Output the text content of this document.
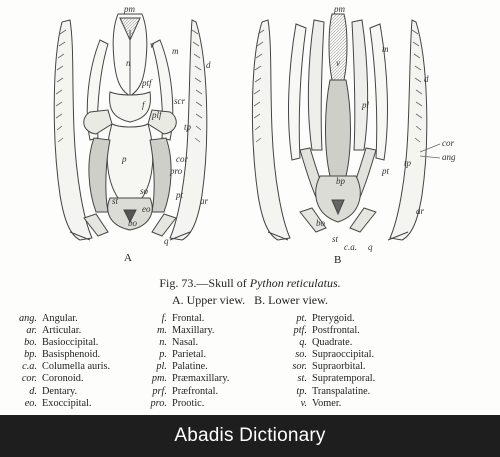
pm
v
n
m
d
ptf
scr
f
plf
tp
p	cor
pro
so	pt
st
eo
bo
ar
q
pm
v
m
d
pl
cor
ang
tp
pt
bp
bo
ar
st
c.a. q
A	B
Fig. 73.—Skull of Python reticulatus.
A. Upper view.   B. Lower view.
ang. Angular.
ar. Articular.
bo. Basioccipital.
bp. Basisphenoid.
c.a. Columella auris.
cor. Coronoid.
d. Dentary.
eo. Exoccipital.
f. Frontal.
m. Maxillary.
n. Nasal.
p. Parietal.
pl. Palatine.
pm. Præmaxillary.
prf. Præfrontal.
pro. Prootic.
pt. Pterygoid.
ptf. Postfrontal.
q. Quadrate.
so. Supraoccipital.
sor. Supraorbital.
st. Supratemporal.
tp. Transpalatine.
v. Vomer.
Abadis Dictionary
